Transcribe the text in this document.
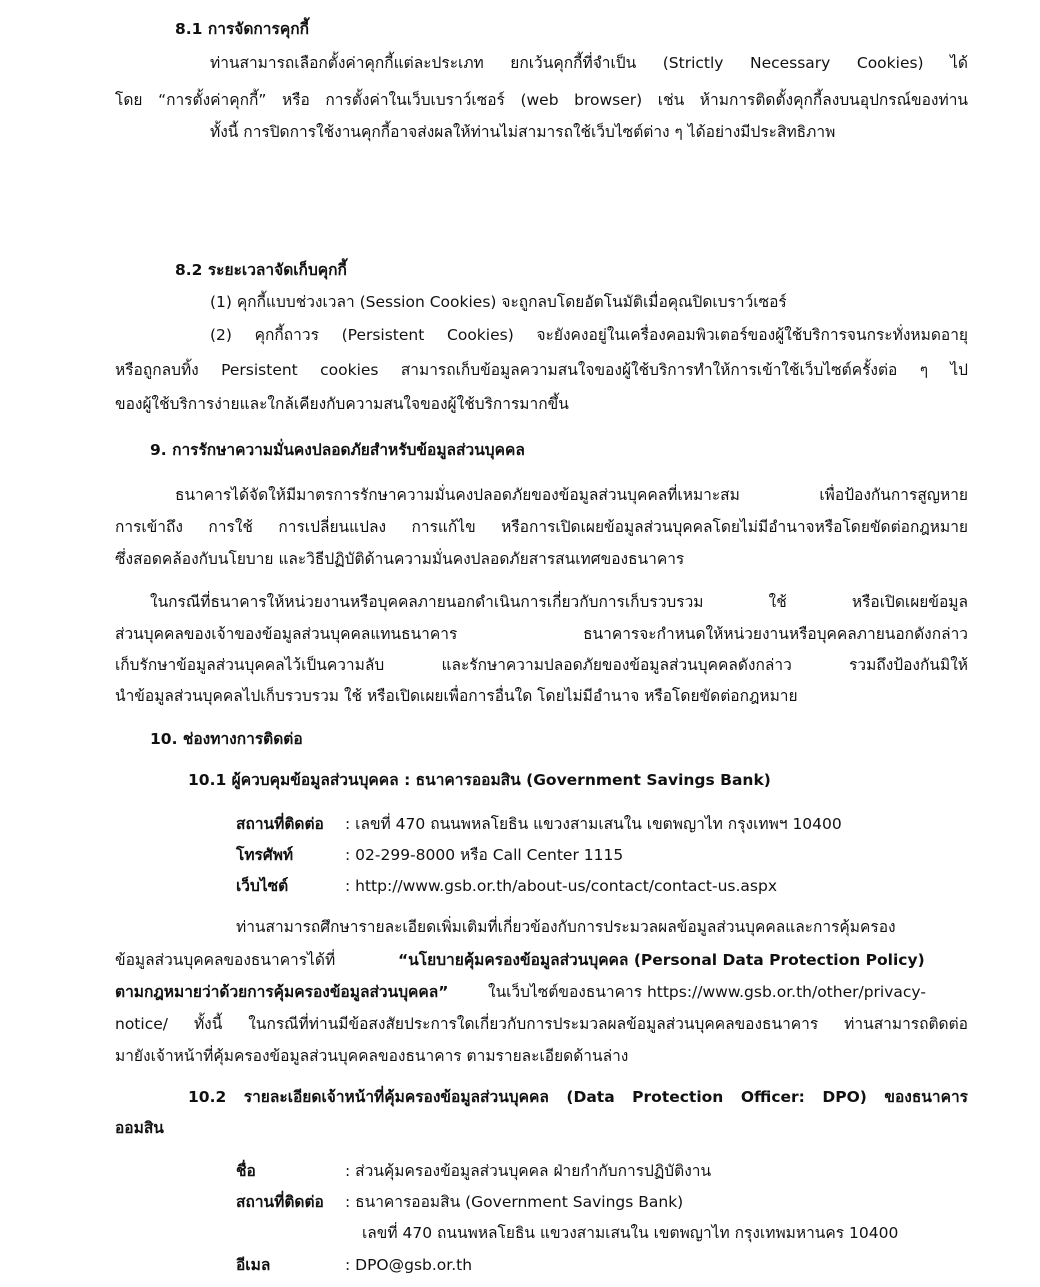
8.1 การจัดการคุกกี้
ท่านสามารถเลือกตั้งค่าคุกกี้แต่ละประเภท ยกเว้นคุกกี้ที่จำเป็น (Strictly Necessary Cookies) ได้
โดย “การตั้งค่าคุกกี้” หรือ การตั้งค่าในเว็บเบราว์เซอร์ (web browser) เช่น ห้ามการติดตั้งคุกกี้ลงบนอุปกรณ์ของท่าน
ทั้งนี้ การปิดการใช้งานคุกกี้อาจส่งผลให้ท่านไม่สามารถใช้เว็บไซต์ต่าง ๆ ได้อย่างมีประสิทธิภาพ
8.2 ระยะเวลาจัดเก็บคุกกี้
(1) คุกกี้แบบช่วงเวลา (Session Cookies) จะถูกลบโดยอัตโนมัติเมื่อคุณปิดเบราว์เซอร์
(2) คุกกี้ถาวร (Persistent Cookies) จะยังคงอยู่ในเครื่องคอมพิวเตอร์ของผู้ใช้บริการจนกระทั่งหมดอายุ
หรือถูกลบทิ้ง Persistent cookies สามารถเก็บข้อมูลความสนใจของผู้ใช้บริการทำให้การเข้าใช้เว็บไซต์ครั้งต่อ ๆ ไป
ของผู้ใช้บริการง่ายและใกล้เคียงกับความสนใจของผู้ใช้บริการมากขึ้น
9. การรักษาความมั่นคงปลอดภัยสำหรับข้อมูลส่วนบุคคล
ธนาคารได้จัดให้มีมาตรการรักษาความมั่นคงปลอดภัยของข้อมูลส่วนบุคคลที่เหมาะสม เพื่อป้องกันการสูญหาย
การเข้าถึง การใช้ การเปลี่ยนแปลง การแก้ไข หรือการเปิดเผยข้อมูลส่วนบุคคลโดยไม่มีอำนาจหรือโดยขัดต่อกฎหมาย
ซึ่งสอดคล้องกับนโยบาย และวิธีปฏิบัติด้านความมั่นคงปลอดภัยสารสนเทศของธนาคาร
ในกรณีที่ธนาคารให้หน่วยงานหรือบุคคลภายนอกดำเนินการเกี่ยวกับการเก็บรวบรวม ใช้ หรือเปิดเผยข้อมูล
ส่วนบุคคลของเจ้าของข้อมูลส่วนบุคคลแทนธนาคาร ธนาคารจะกำหนดให้หน่วยงานหรือบุคคลภายนอกดังกล่าว
เก็บรักษาข้อมูลส่วนบุคคลไว้เป็นความลับ และรักษาความปลอดภัยของข้อมูลส่วนบุคคลดังกล่าว รวมถึงป้องกันมิให้
นำข้อมูลส่วนบุคคลไปเก็บรวบรวม ใช้ หรือเปิดเผยเพื่อการอื่นใด โดยไม่มีอำนาจ หรือโดยขัดต่อกฎหมาย
10. ช่องทางการติดต่อ
10.1 ผู้ควบคุมข้อมูลส่วนบุคคล : ธนาคารออมสิน (Government Savings Bank)
สถานที่ติดต่อ : เลขที่ 470 ถนนพหลโยธิน แขวงสามเสนใน เขตพญาไท กรุงเทพฯ 10400
โทรศัพท์	: 02-299-8000 หรือ Call Center 1115
เว็บไซต์	: http://www.gsb.or.th/about-us/contact/contact-us.aspx
ท่านสามารถศึกษารายละเอียดเพิ่มเติมที่เกี่ยวข้องกับการประมวลผลข้อมูลส่วนบุคคลและการคุ้มครอง
ข้อมูลส่วนบุคคลของธนาคารได้ที่	“นโยบายคุ้มครองข้อมูลส่วนบุคคล (Personal Data Protection Policy)
ตามกฎหมายว่าด้วยการคุ้มครองข้อมูลส่วนบุคคล”	ในเว็บไซต์ของธนาคาร https://www.gsb.or.th/other/privacy-
notice/ ทั้งนี้ ในกรณีที่ท่านมีข้อสงสัยประการใดเกี่ยวกับการประมวลผลข้อมูลส่วนบุคคลของธนาคาร ท่านสามารถติดต่อ
มายังเจ้าหน้าที่คุ้มครองข้อมูลส่วนบุคคลของธนาคาร ตามรายละเอียดด้านล่าง
10.2 รายละเอียดเจ้าหน้าที่คุ้มครองข้อมูลส่วนบุคคล (Data Protection Officer: DPO) ของธนาคาร
ออมสิน
ชื่อ	: ส่วนคุ้มครองข้อมูลส่วนบุคคล ฝ่ายกำกับการปฏิบัติงาน
สถานที่ติดต่อ : ธนาคารออมสิน (Government Savings Bank)
เลขที่ 470 ถนนพหลโยธิน แขวงสามเสนใน เขตพญาไท กรุงเทพมหานคร 10400
อีเมล	: DPO@gsb.or.th
